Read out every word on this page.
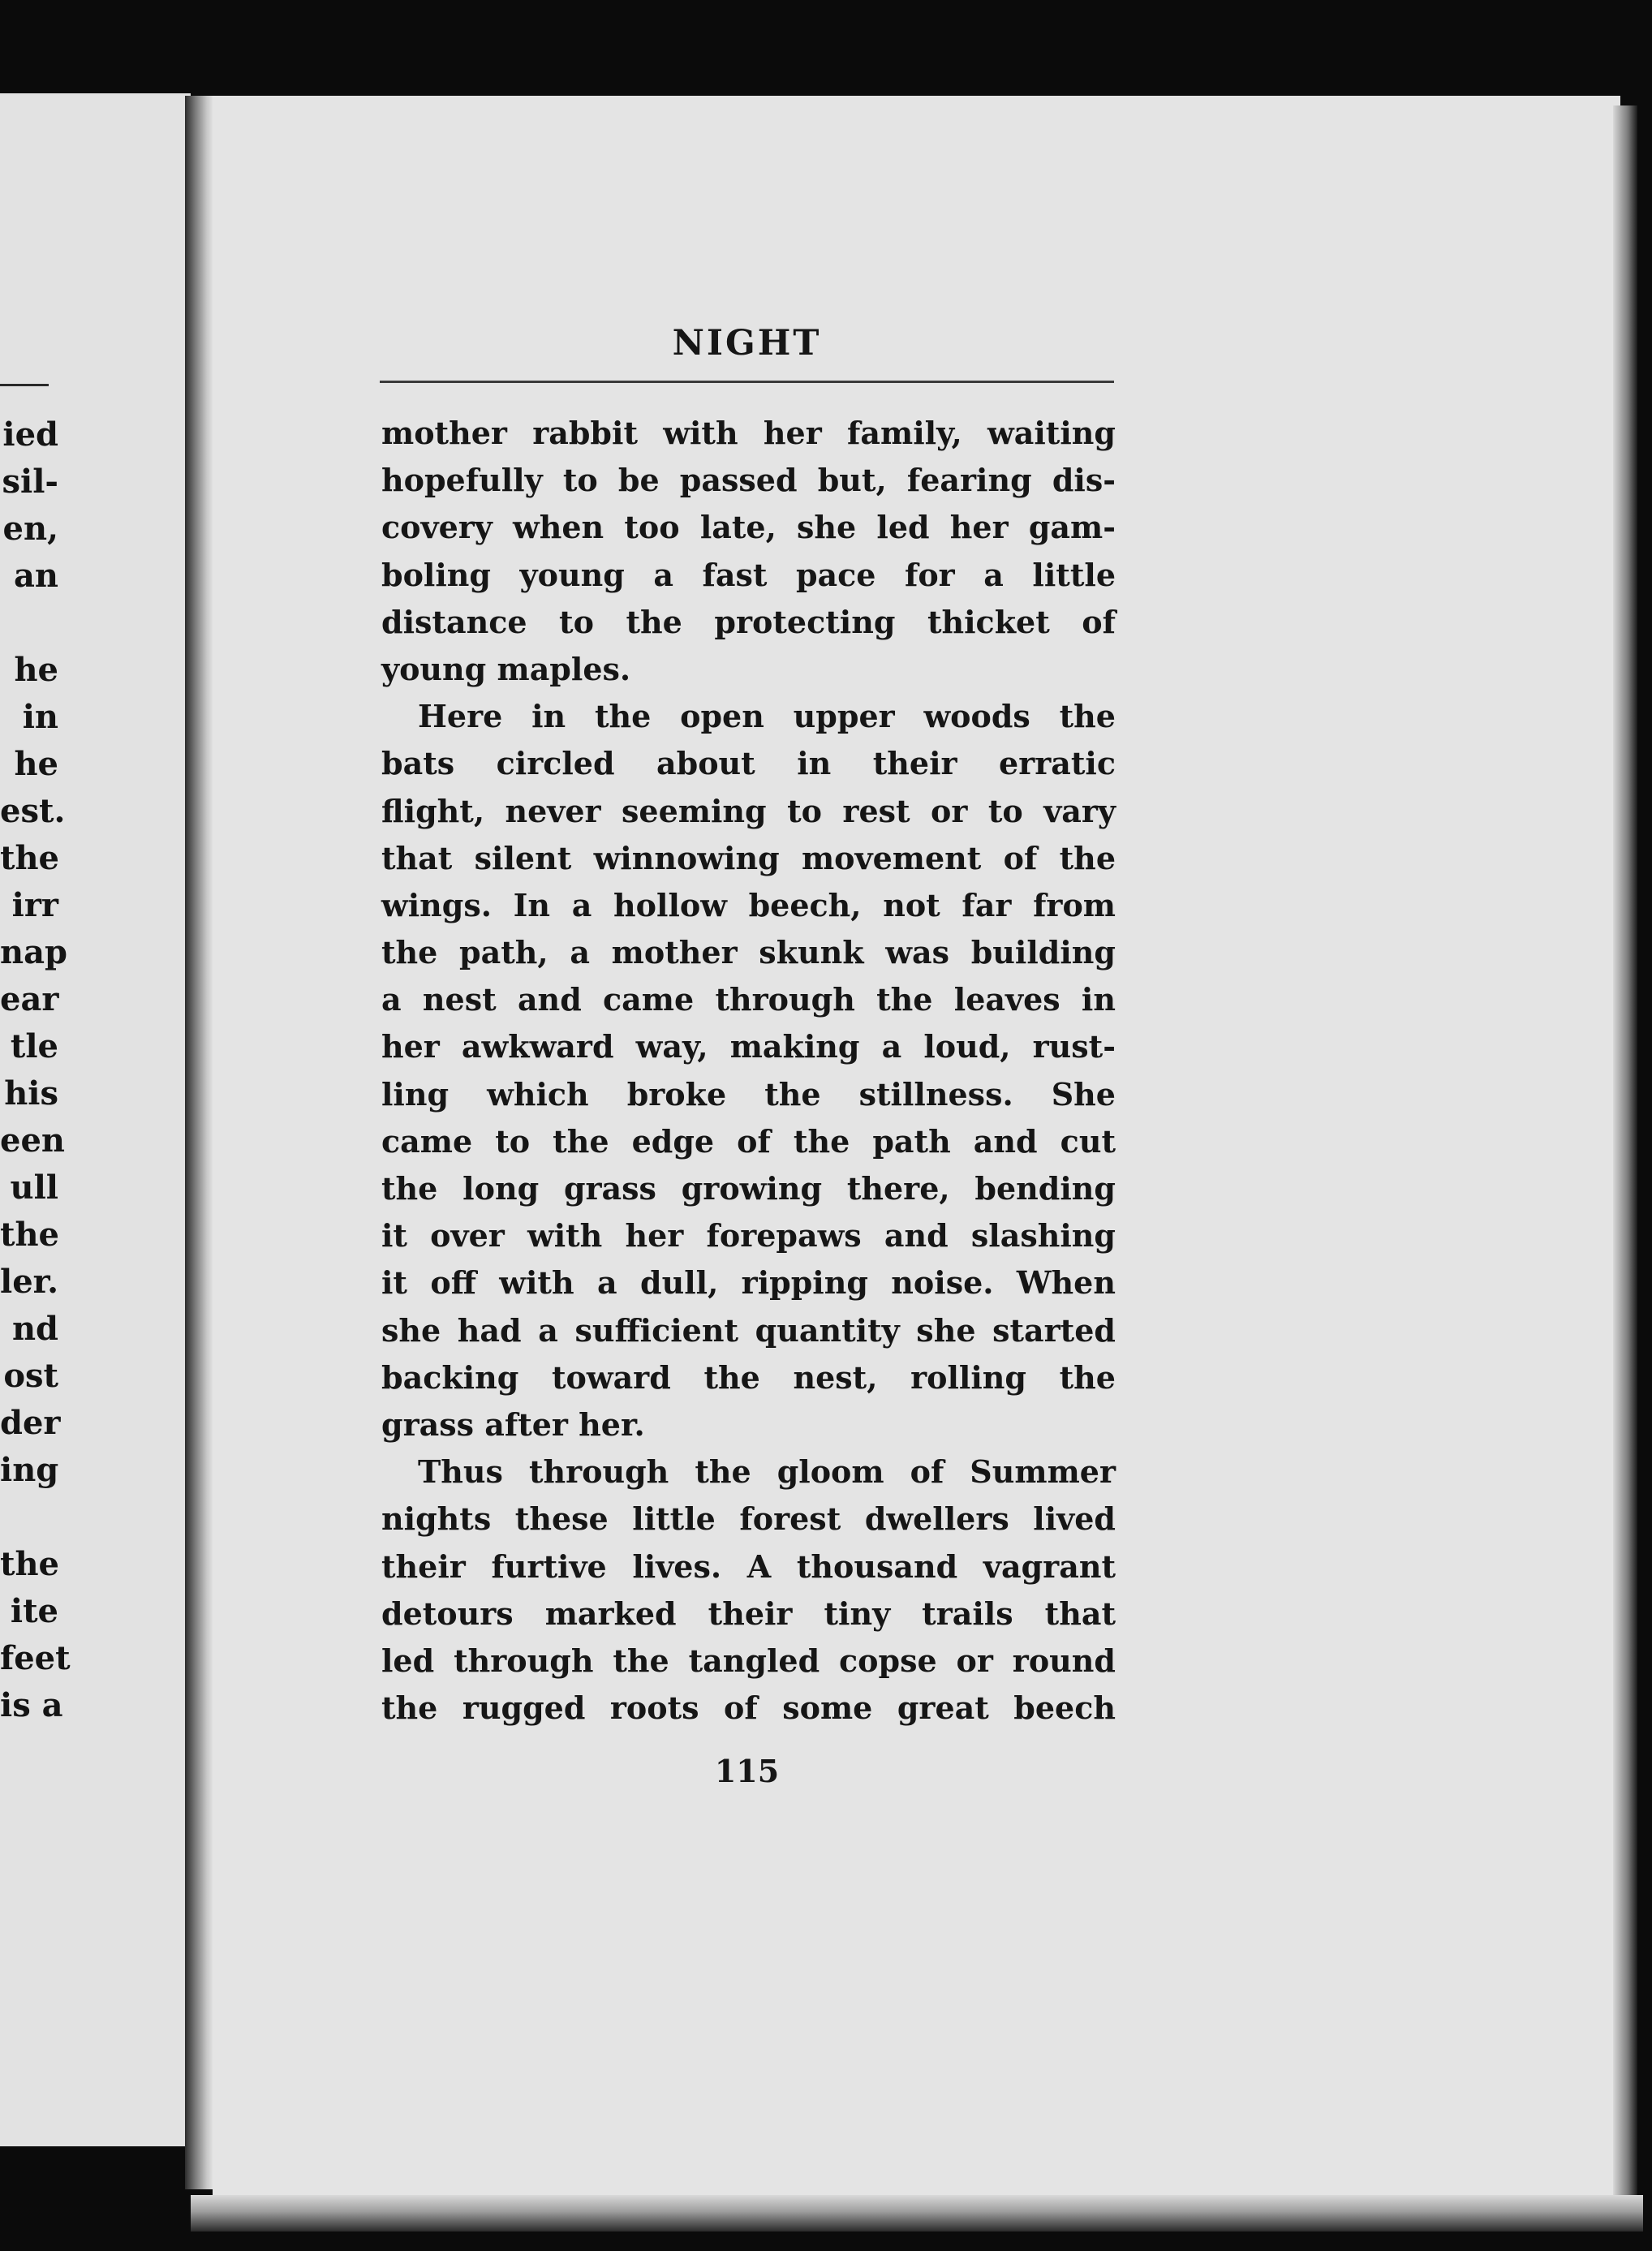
ied
sil-
en,
an
he
in
he
est.
the
irr
nap
ear
tle
his
een
ull
the
ler.
nd
ost
der
ing
the
ite
feet
is a
NIGHT
mother rabbit with her family, waiting
hopefully to be passed but, fearing dis-
covery when too late, she led her gam-
boling young a fast pace for a little
distance to the protecting thicket of
young maples.
Here in the open upper woods the
bats circled about in their erratic
flight, never seeming to rest or to vary
that silent winnowing movement of the
wings. In a hollow beech, not far from
the path, a mother skunk was building
a nest and came through the leaves in
her awkward way, making a loud, rust-
ling which broke the stillness. She
came to the edge of the path and cut
the long grass growing there, bending
it over with her forepaws and slashing
it off with a dull, ripping noise. When
she had a sufficient quantity she started
backing toward the nest, rolling the
grass after her.
Thus through the gloom of Summer
nights these little forest dwellers lived
their furtive lives. A thousand vagrant
detours marked their tiny trails that
led through the tangled copse or round
the rugged roots of some great beech
115
